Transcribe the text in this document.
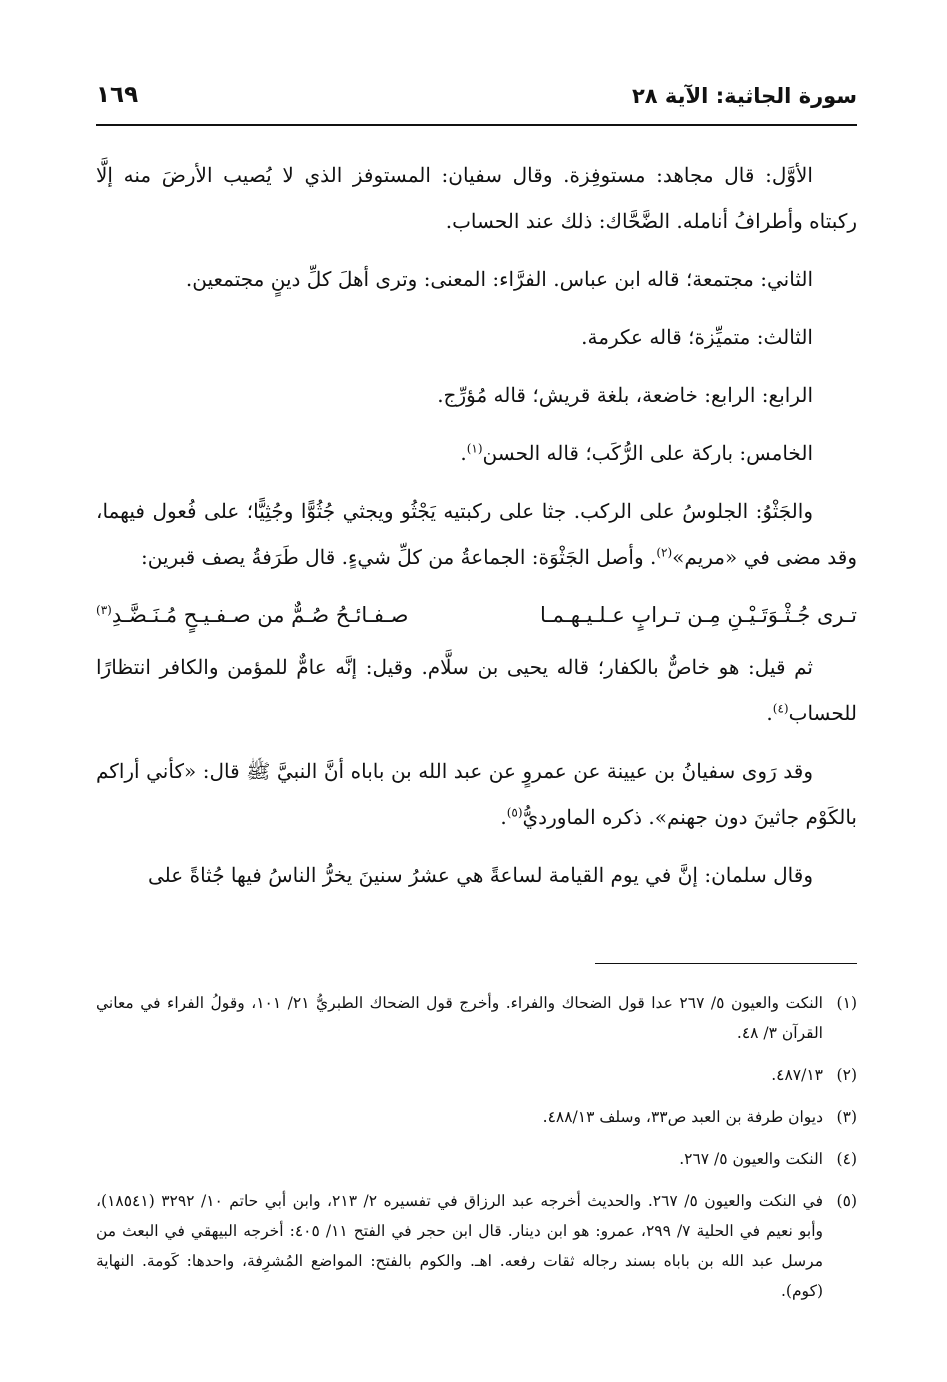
سورة الجاثية: الآية ٢٨
١٦٩

الأوَّل: قال مجاهد: مستوفِزة. وقال سفيان: المستوفز الذي لا يُصيب الأرضَ منه إلَّا ركبتاه وأطرافُ أنامله. الضَّحَّاك: ذلك عند الحساب.

الثاني: مجتمعة؛ قاله ابن عباس. الفرَّاء: المعنى: وترى أهلَ كلِّ دينٍ مجتمعين.

الثالث: متميِّزة؛ قاله عكرمة.

الرابع: الرابع: خاضعة، بلغة قريش؛ قاله مُؤرِّج.

الخامس: باركة على الرُّكَب؛ قاله الحسن$^{(١)}$.

والجَثْوُ: الجلوسُ على الركب. جثا على ركبتيه يَجْثُو ويجثي جُثُوًّا وجُثِيًّا؛ على فُعول فيهما، وقد مضى في «مريم»$^{(٢)}$. وأصل الجَثْوَة: الجماعةُ من كلِّ شيءٍ. قال طَرَفةُ يصف قبرين:

تـرى جُـثْـوَتَـيْـنِ مِـن تـرابٍ عـلـيـهـمـا
صـفـائـحُ صُـمٌّ من صـفـيـحٍ مُـنَـضَّـدِ$^{(٣)}$

ثم قيل: هو خاصٌّ بالكفار؛ قاله يحيى بن سلَّام. وقيل: إنَّه عامٌّ للمؤمن والكافر انتظارًا للحساب$^{(٤)}$.

وقد رَوى سفيانُ بن عيينة عن عمروٍ عن عبد الله بن باباه أنَّ النبيَّ ﷺ قال: «كأني أراكم بالكَوْم جاثينَ دون جهنم». ذكره الماورديُّ$^{(٥)}$.

وقال سلمان: إنَّ في يوم القيامة لساعةً هي عشرُ سنينَ يخرُّ الناسُ فيها جُثاةً على

(١)
النكت والعيون ٥/ ٢٦٧ عدا قول الضحاك والفراء. وأخرج قول الضحاك الطبريُّ ٢١/ ١٠١، وقولُ الفراء في معاني القرآن ٣/ ٤٨.
(٢)
٤٨٧/١٣.
(٣)
ديوان طرفة بن العبد ص٣٣، وسلف ٤٨٨/١٣.
(٤)
النكت والعيون ٥/ ٢٦٧.
(٥)
في النكت والعيون ٥/ ٢٦٧. والحديث أخرجه عبد الرزاق في تفسيره ٢/ ٢١٣، وابن أبي حاتم ١٠/ ٣٢٩٢ (١٨٥٤١)، وأبو نعيم في الحلية ٧/ ٢٩٩، عمرو: هو ابن دينار. قال ابن حجر في الفتح ١١/ ٤٠٥: أخرجه البيهقي في البعث من مرسل عبد الله بن باباه بسند رجاله ثقات رفعه. اهـ. والكوم بالفتح: المواضع المُشرِفة، واحدها: كَومة. النهاية (كوم).
